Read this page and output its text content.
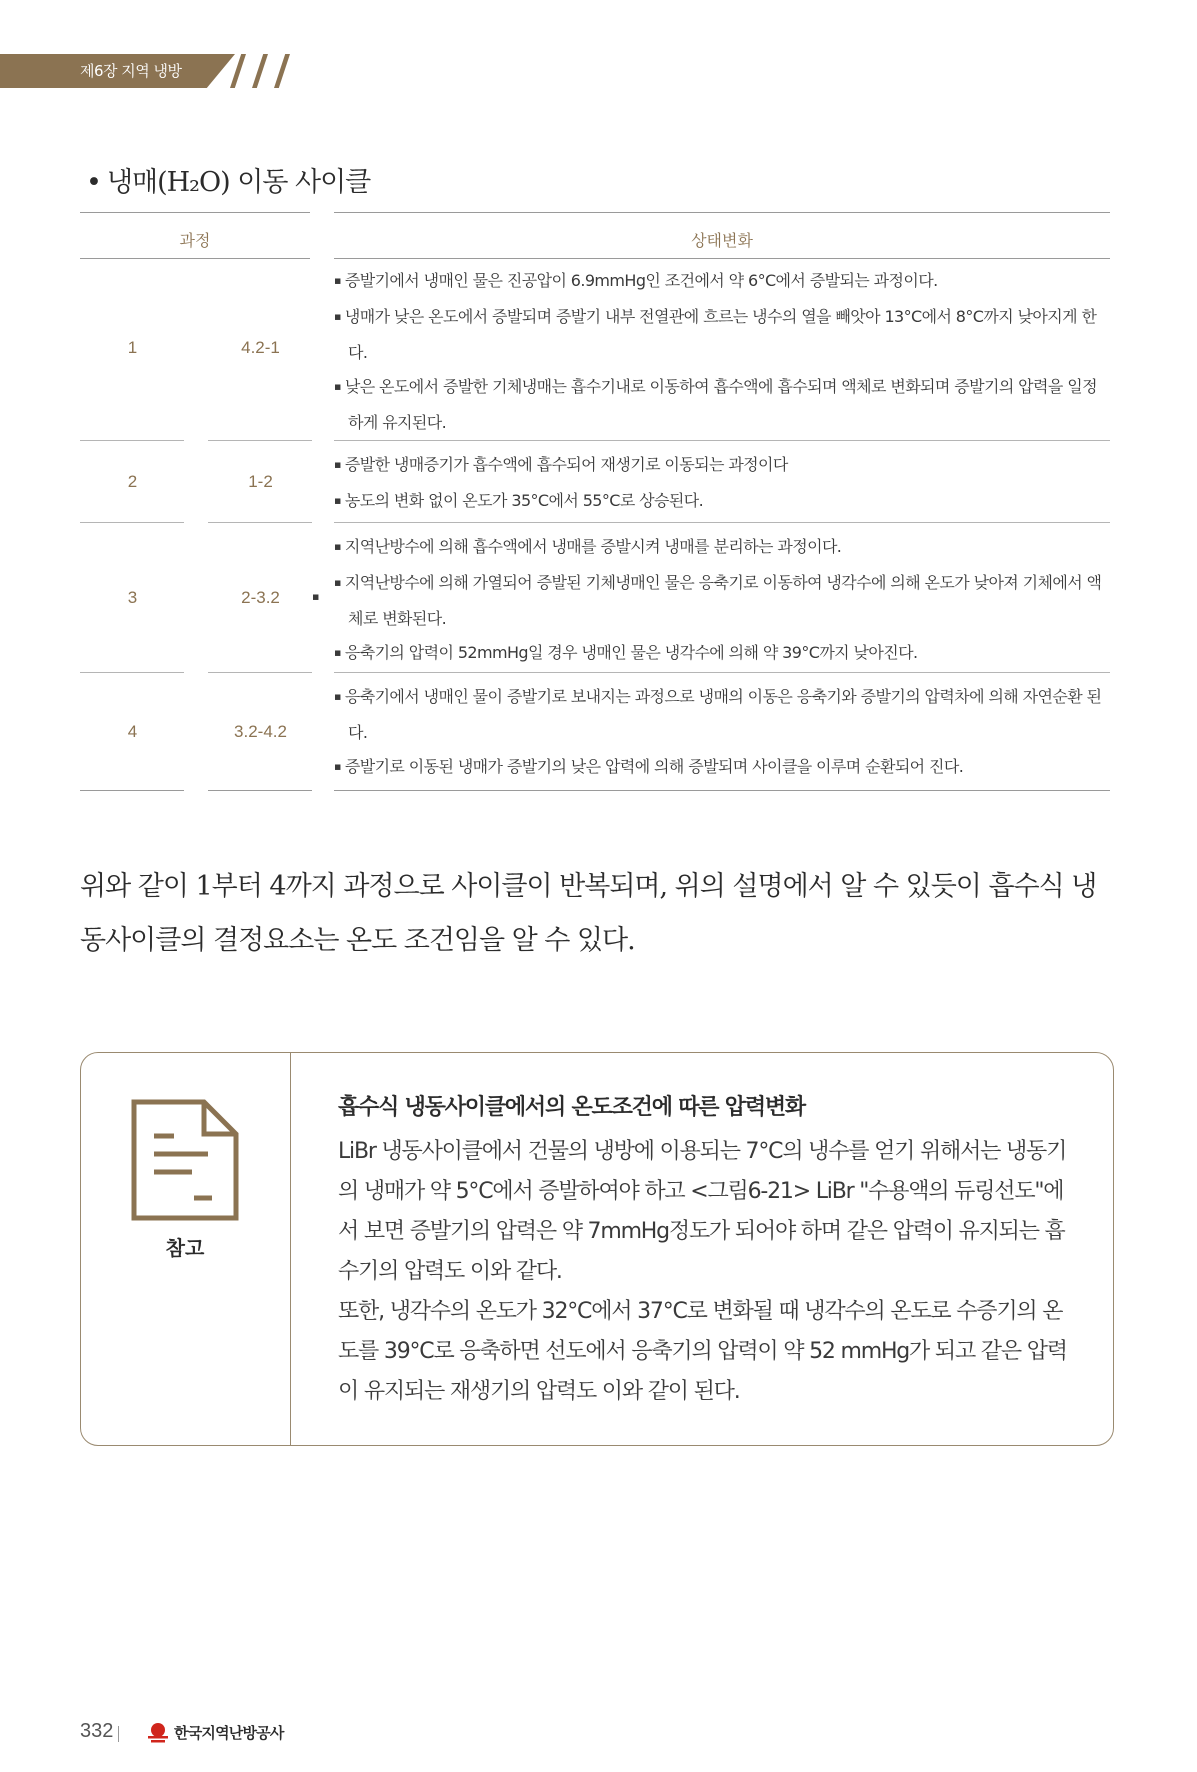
제6장 지역 냉방
• 냉매(H₂O) 이동 사이클
과정	상태변화
1	4.2-1

▪ 증발기에서 냉매인 물은 진공압이 6.9mmHg인 조건에서 약 6°C에서 증발되는 과정이다.

▪ 냉매가 낮은 온도에서 증발되며 증발기 내부 전열관에 흐르는 냉수의 열을 빼앗아 13°C에서 8°C까지 낮아지게 한다.

▪ 낮은 온도에서 증발한 기체냉매는 흡수기내로 이동하여 흡수액에 흡수되며 액체로 변화되며 증발기의 압력을 일정하게 유지된다.

2	1-2

▪ 증발한 냉매증기가 흡수액에 흡수되어 재생기로 이동되는 과정이다

▪ 농도의 변화 없이 온도가 35°C에서 55°C로 상승된다.

3	2-3.2	▪

▪ 지역난방수에 의해 흡수액에서 냉매를 증발시켜 냉매를 분리하는 과정이다.

▪ 지역난방수에 의해 가열되어 증발된 기체냉매인 물은 응축기로 이동하여 냉각수에 의해 온도가 낮아져 기체에서 액체로 변화된다.

▪ 응축기의 압력이 52mmHg일 경우 냉매인 물은 냉각수에 의해 약 39°C까지 낮아진다.

4	3.2-4.2

▪ 응축기에서 냉매인 물이 증발기로 보내지는 과정으로 냉매의 이동은 응축기와 증발기의 압력차에 의해 자연순환 된다.

▪ 증발기로 이동된 냉매가 증발기의 낮은 압력에 의해 증발되며 사이클을 이루며 순환되어 진다.

위와 같이 1부터 4까지 과정으로 사이클이 반복되며, 위의 설명에서 알 수 있듯이 흡수식 냉동사이클의 결정요소는 온도 조건임을 알 수 있다.
참고
흡수식 냉동사이클에서의 온도조건에 따른 압력변화

LiBr 냉동사이클에서 건물의 냉방에 이용되는 7°C의 냉수를 얻기 위해서는 냉동기의 냉매가 약 5°C에서 증발하여야 하고 <그림6-21> LiBr "수용액의 듀링선도"에서 보면 증발기의 압력은 약 7mmHg정도가 되어야 하며 같은 압력이 유지되는 흡수기의 압력도 이와 같다.

또한, 냉각수의 온도가 32°C에서 37°C로 변화될 때 냉각수의 온도로 수증기의 온도를 39°C로 응축하면 선도에서 응축기의 압력이 약 52 mmHg가 되고 같은 압력이 유지되는 재생기의 압력도 이와 같이 된다.

332	한국지역난방공사
